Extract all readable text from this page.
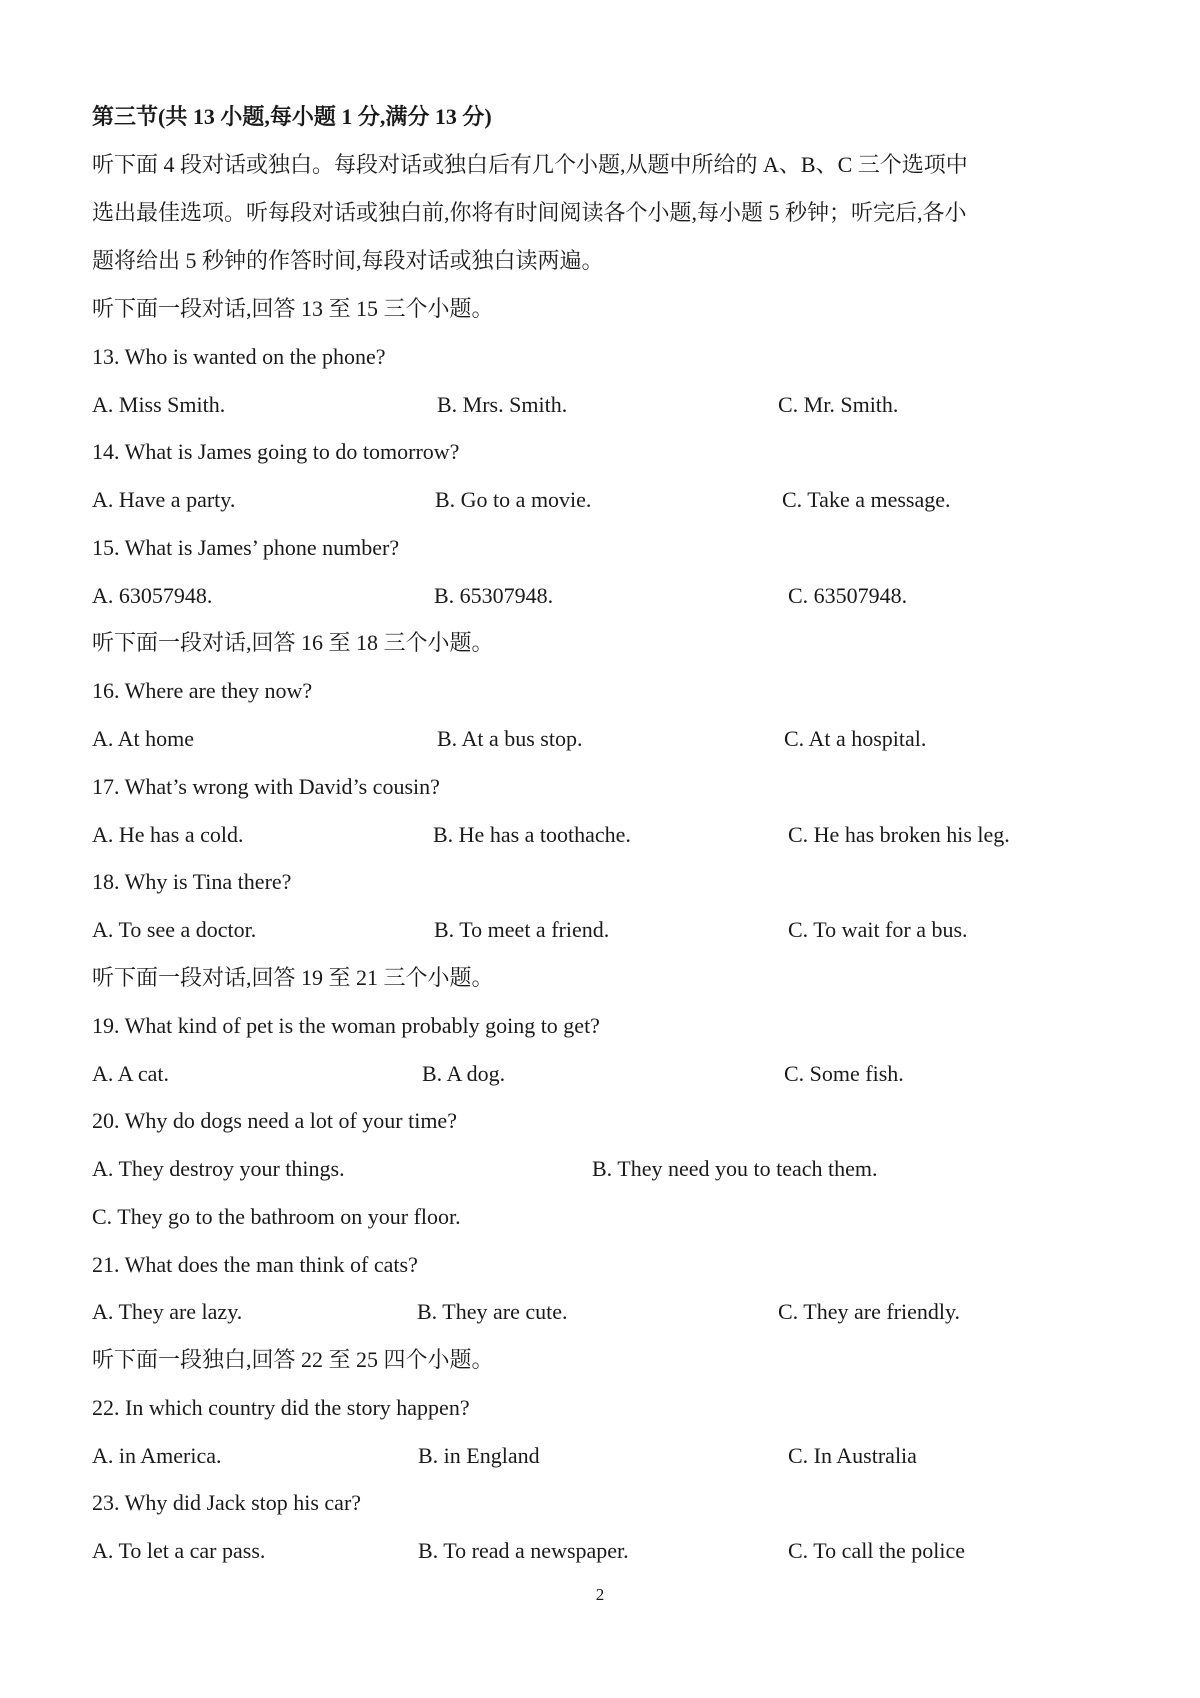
第三节(共 13 小题,每小题 1 分,满分 13 分)
听下面 4 段对话或独白。每段对话或独白后有几个小题,从题中所给的 A、B、C 三个选项中
选出最佳选项。听每段对话或独白前,你将有时间阅读各个小题,每小题 5 秒钟；听完后,各小
题将给出 5 秒钟的作答时间,每段对话或独白读两遍。
听下面一段对话,回答 13 至 15 三个小题。
13. Who is wanted on the phone?
A. Miss Smith.	B. Mrs. Smith.	C. Mr. Smith.
14. What is James going to do tomorrow?
A. Have a party.	B. Go to a movie.	C. Take a message.
15. What is James’ phone number?
A. 63057948.	B. 65307948.	C. 63507948.
听下面一段对话,回答 16 至 18 三个小题。
16. Where are they now?
A. At home	B. At a bus stop.	C. At a hospital.
17. What’s wrong with David’s cousin?
A. He has a cold.	B. He has a toothache.	C. He has broken his leg.
18. Why is Tina there?
A. To see a doctor.	B. To meet a friend.	C. To wait for a bus.
听下面一段对话,回答 19 至 21 三个小题。
19. What kind of pet is the woman probably going to get?
A. A cat.	B. A dog.	C. Some fish.
20. Why do dogs need a lot of your time?
A. They destroy your things.	B. They need you to teach them.
C. They go to the bathroom on your floor.
21. What does the man think of cats?
A. They are lazy.	B. They are cute.	C. They are friendly.
听下面一段独白,回答 22 至 25 四个小题。
22. In which country did the story happen?
A. in America.	B. in England	C. In Australia
23. Why did Jack stop his car?
A. To let a car pass.	B. To read a newspaper.	C. To call the police
2
